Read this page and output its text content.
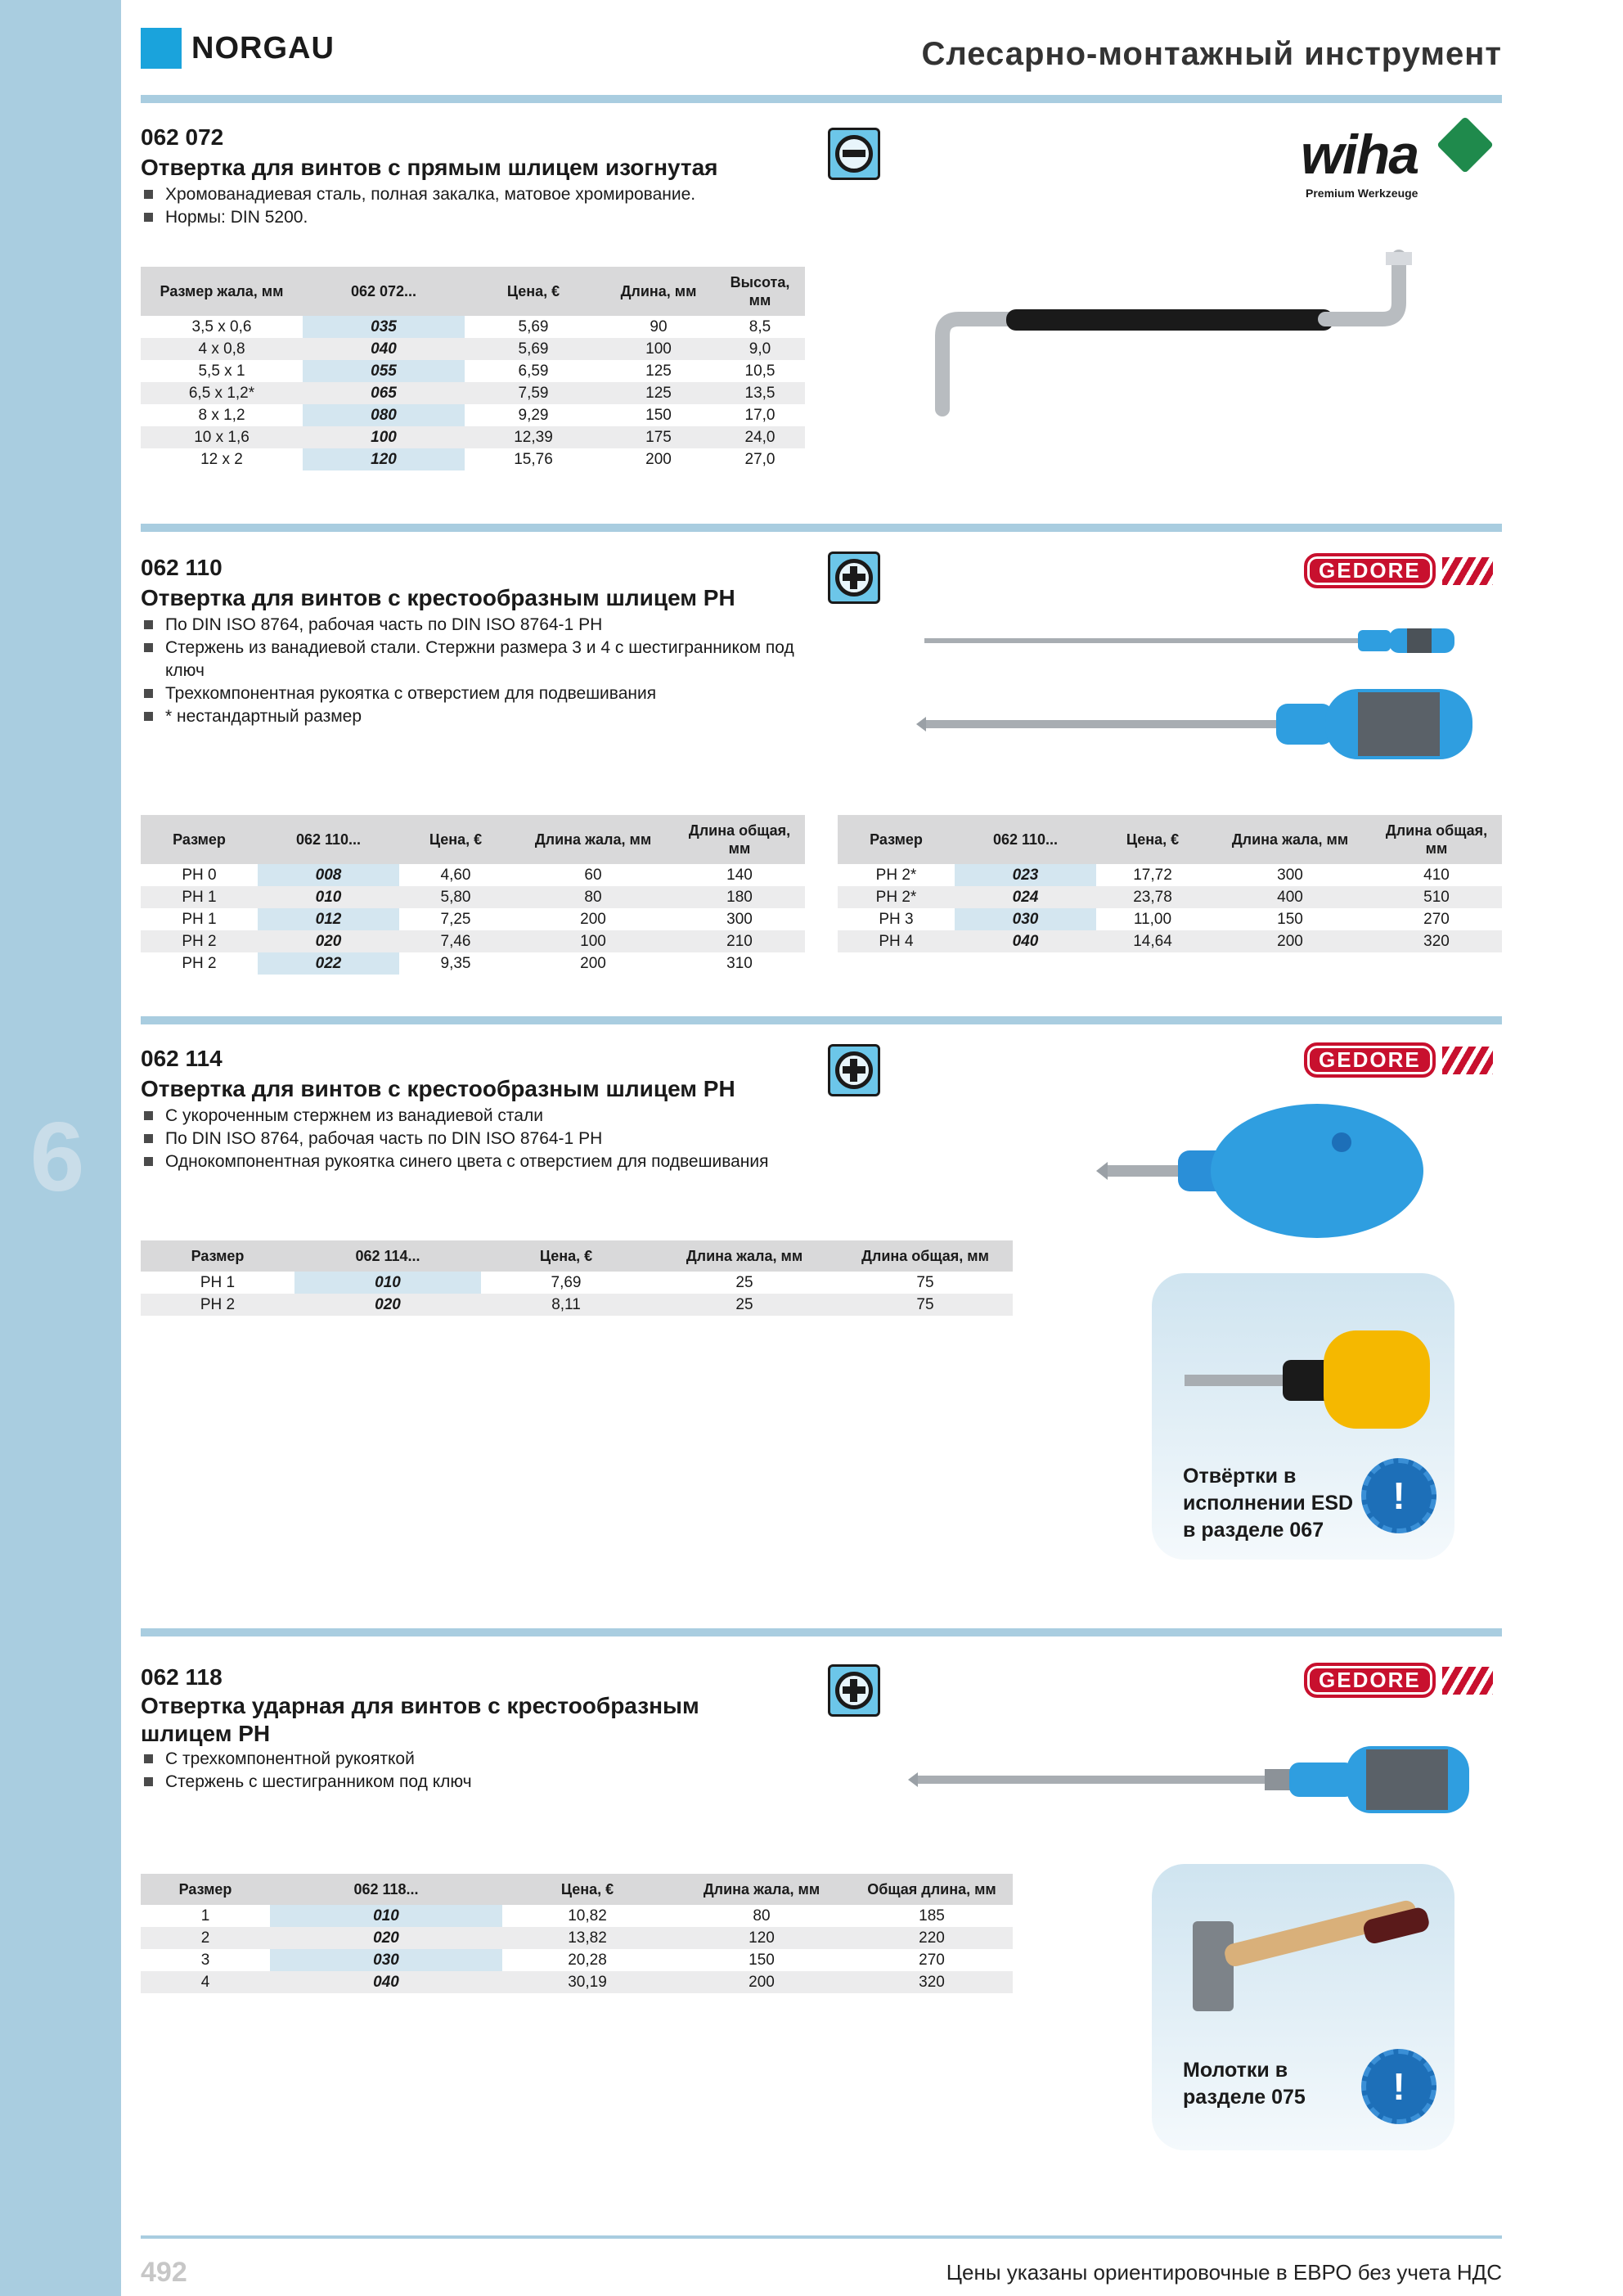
6
NORGAU	Слесарно-монтажный инструмент
062 072
Отвертка для винтов с прямым шлицем изогнутая
Хромованадиевая сталь, полная закалка, матовое хромирование.
Нормы: DIN 5200.
wiha
Premium Werkzeuge
Размер жала, мм	062 072...	Цена, €	Длина, мм	Высота, мм
3,5 x 0,6	035	5,69	90	8,5
4 x 0,8	040	5,69	100	9,0
5,5 x 1	055	6,59	125	10,5
6,5 x 1,2*	065	7,59	125	13,5
8 x 1,2	080	9,29	150	17,0
10 x 1,6	100	12,39	175	24,0
12 x 2	120	15,76	200	27,0
062 110
Отвертка для винтов с крестообразным шлицем PH
По DIN ISO 8764, рабочая часть по DIN ISO 8764-1 PH
Стержень из ванадиевой стали. Стержни размера 3 и 4 с шестигранником под ключ
Трехкомпонентная рукоятка с отверстием для подвешивания
* нестандартный размер
GEDORE
Размер	062 110...	Цена, €	Длина жала, мм	Длина общая, мм
PH 0	008	4,60	60	140
PH 1	010	5,80	80	180
PH 1	012	7,25	200	300
PH 2	020	7,46	100	210
PH 2	022	9,35	200	310
Размер	062 110...	Цена, €	Длина жала, мм	Длина общая, мм
PH 2*	023	17,72	300	410
PH 2*	024	23,78	400	510
PH 3	030	11,00	150	270
PH 4	040	14,64	200	320
062 114
Отвертка для винтов с крестообразным шлицем PH
С укороченным стержнем из ванадиевой стали
По DIN ISO 8764, рабочая часть по DIN ISO 8764-1 PH
Однокомпонентная рукоятка синего цвета с отверстием для подвешивания
GEDORE
Размер	062 114...	Цена, €	Длина жала, мм	Длина общая, мм
PH 1	010	7,69	25	75
PH 2	020	8,11	25	75
Отвёртки в
исполнении ESD
в разделе 067
!
062 118
Отвертка ударная для винтов с крестообразным шлицем PH
С трехкомпонентной рукояткой
Стержень с шестигранником под ключ
GEDORE
Размер	062 118...	Цена, €	Длина жала, мм	Общая длина, мм
1	010	10,82	80	185
2	020	13,82	120	220
3	030	20,28	150	270
4	040	30,19	200	320
Молотки в
разделе 075	!
492	Цены указаны ориентировочные в ЕВРО без учета НДС
